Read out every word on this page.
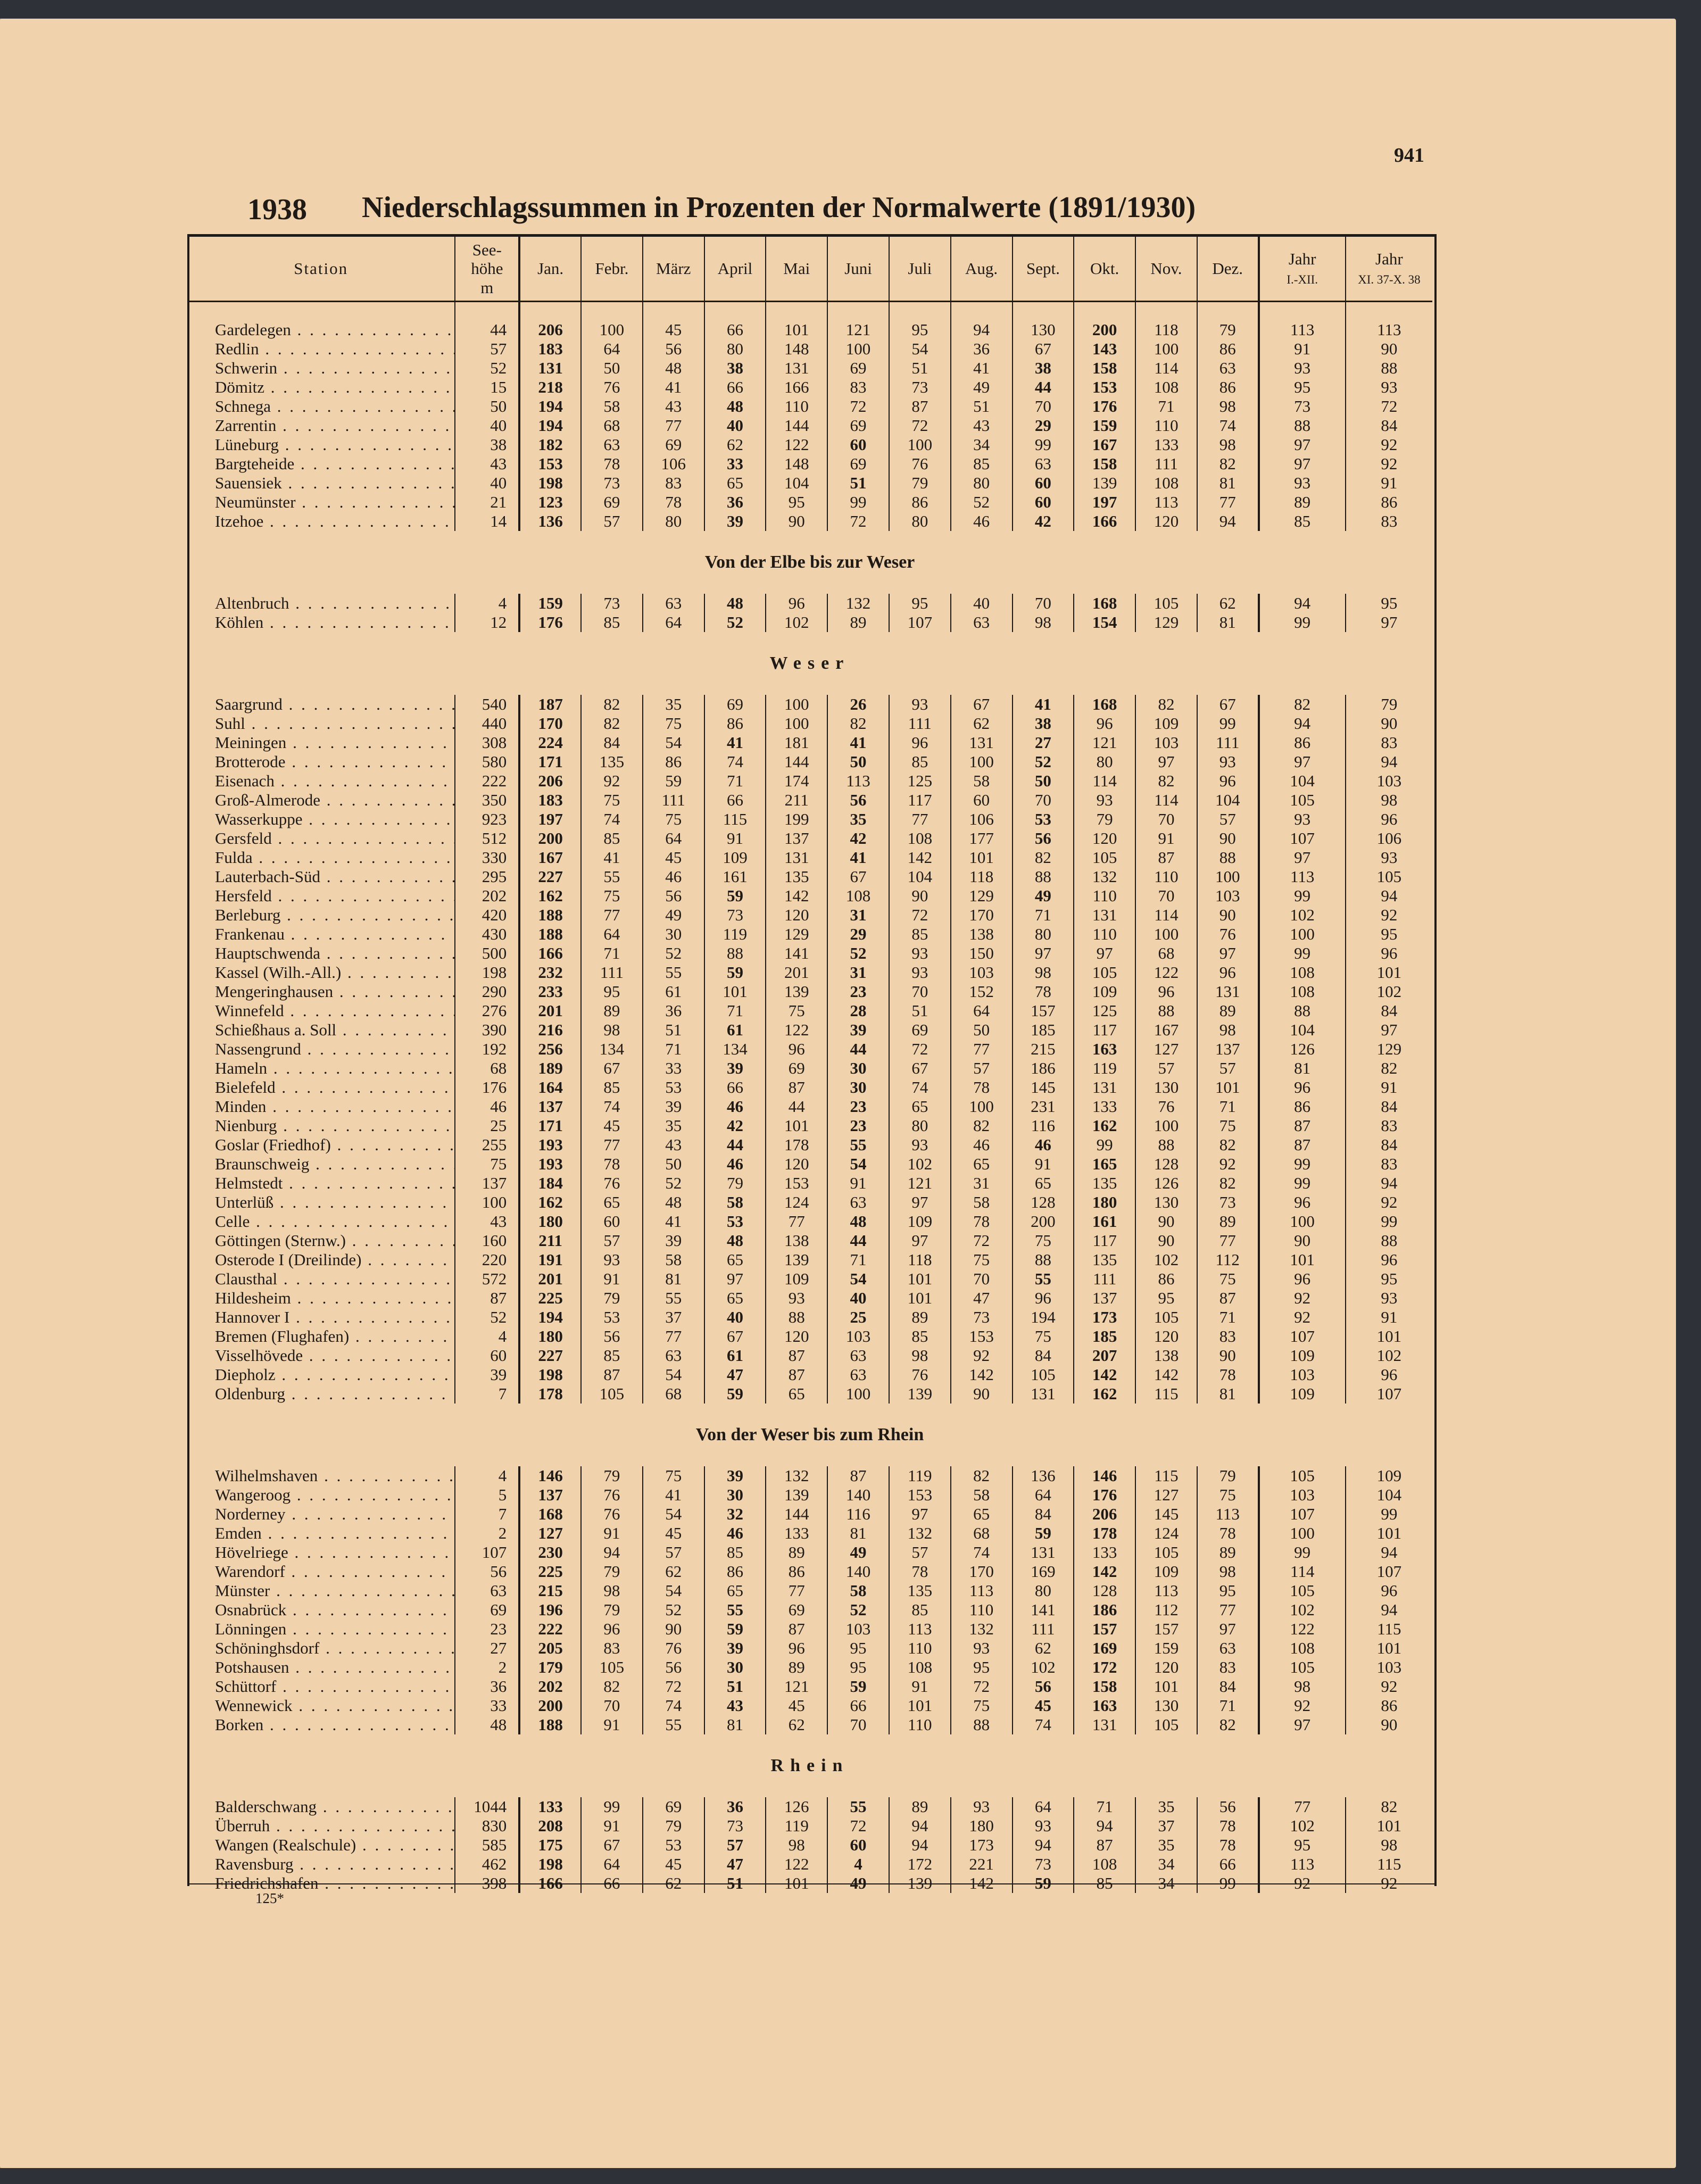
941
1938 Niederschlagssummen in Prozenten der Normalwerte (1891/1930)
Station	See-
höhe
m	Jan.	Febr.	März	April	Mai	Juni	Juli	Aug.	Sept.	Okt.	Nov.	Dez.	Jahr
I.-XII.	Jahr
XI. 37-X. 38

Gardelegen . . .	44	206	100	45	66	101	121	95	94	130	200	118	79	113	113
Redlin . . .	57	183	64	56	80	148	100	54	36	67	143	100	86	91	90
Schwerin . . .	52	131	50	48	38	131	69	51	41	38	158	114	63	93	88
Dömitz . . .	15	218	76	41	66	166	83	73	49	44	153	108	86	95	93
Schnega . . .	50	194	58	43	48	110	72	87	51	70	176	71	98	73	72
Zarrentin . . .	40	194	68	77	40	144	69	72	43	29	159	110	74	88	84
Lüneburg . . .	38	182	63	69	62	122	60	100	34	99	167	133	98	97	92
Bargteheide . . .	43	153	78	106	33	148	69	76	85	63	158	111	82	97	92
Sauensiek . . .	40	198	73	83	65	104	51	79	80	60	139	108	81	93	91
Neumünster . . .	21	123	69	78	36	95	99	86	52	60	197	113	77	89	86
Itzehoe . . .	14	136	57	80	39	90	72	80	46	42	166	120	94	85	83
Von der Elbe bis zur Weser															

Altenbruch . . .	4	159	73	63	48	96	132	95	40	70	168	105	62	94	95
Köhlen . . .	12	176	85	64	52	102	89	107	63	98	154	129	81	99	97
Weser															

Saargrund . . .	540	187	82	35	69	100	26	93	67	41	168	82	67	82	79
Suhl . . .	440	170	82	75	86	100	82	111	62	38	96	109	99	94	90
Meiningen . . .	308	224	84	54	41	181	41	96	131	27	121	103	111	86	83
Brotterode . . .	580	171	135	86	74	144	50	85	100	52	80	97	93	97	94
Eisenach . . .	222	206	92	59	71	174	113	125	58	50	114	82	96	104	103
Groß-Almerode . . .	350	183	75	111	66	211	56	117	60	70	93	114	104	105	98
Wasserkuppe . . .	923	197	74	75	115	199	35	77	106	53	79	70	57	93	96
Gersfeld . . .	512	200	85	64	91	137	42	108	177	56	120	91	90	107	106
Fulda . . .	330	167	41	45	109	131	41	142	101	82	105	87	88	97	93
Lauterbach-Süd . . .	295	227	55	46	161	135	67	104	118	88	132	110	100	113	105
Hersfeld . . .	202	162	75	56	59	142	108	90	129	49	110	70	103	99	94
Berleburg . . .	420	188	77	49	73	120	31	72	170	71	131	114	90	102	92
Frankenau . . .	430	188	64	30	119	129	29	85	138	80	110	100	76	100	95
Hauptschwenda . . .	500	166	71	52	88	141	52	93	150	97	97	68	97	99	96
Kassel (Wilh.-All.) . . .	198	232	111	55	59	201	31	93	103	98	105	122	96	108	101
Mengeringhausen . . .	290	233	95	61	101	139	23	70	152	78	109	96	131	108	102
Winnefeld . . .	276	201	89	36	71	75	28	51	64	157	125	88	89	88	84
Schießhaus a. Soll . . .	390	216	98	51	61	122	39	69	50	185	117	167	98	104	97
Nassengrund . . .	192	256	134	71	134	96	44	72	77	215	163	127	137	126	129
Hameln . . .	68	189	67	33	39	69	30	67	57	186	119	57	57	81	82
Bielefeld . . .	176	164	85	53	66	87	30	74	78	145	131	130	101	96	91
Minden . . .	46	137	74	39	46	44	23	65	100	231	133	76	71	86	84
Nienburg . . .	25	171	45	35	42	101	23	80	82	116	162	100	75	87	83
Goslar (Friedhof) . . .	255	193	77	43	44	178	55	93	46	46	99	88	82	87	84
Braunschweig . . .	75	193	78	50	46	120	54	102	65	91	165	128	92	99	83
Helmstedt . . .	137	184	76	52	79	153	91	121	31	65	135	126	82	99	94
Unterlüß . . .	100	162	65	48	58	124	63	97	58	128	180	130	73	96	92
Celle . . .	43	180	60	41	53	77	48	109	78	200	161	90	89	100	99
Göttingen (Sternw.) . . .	160	211	57	39	48	138	44	97	72	75	117	90	77	90	88
Osterode I (Dreilinde) . . .	220	191	93	58	65	139	71	118	75	88	135	102	112	101	96
Clausthal . . .	572	201	91	81	97	109	54	101	70	55	111	86	75	96	95
Hildesheim . . .	87	225	79	55	65	93	40	101	47	96	137	95	87	92	93
Hannover I . . .	52	194	53	37	40	88	25	89	73	194	173	105	71	92	91
Bremen (Flughafen) . . .	4	180	56	77	67	120	103	85	153	75	185	120	83	107	101
Visselhövede . . .	60	227	85	63	61	87	63	98	92	84	207	138	90	109	102
Diepholz . . .	39	198	87	54	47	87	63	76	142	105	142	142	78	103	96
Oldenburg . . .	7	178	105	68	59	65	100	139	90	131	162	115	81	109	107
Von der Weser bis zum Rhein															

Wilhelmshaven . . .	4	146	79	75	39	132	87	119	82	136	146	115	79	105	109
Wangeroog . . .	5	137	76	41	30	139	140	153	58	64	176	127	75	103	104
Norderney . . .	7	168	76	54	32	144	116	97	65	84	206	145	113	107	99
Emden . . .	2	127	91	45	46	133	81	132	68	59	178	124	78	100	101
Hövelriege . . .	107	230	94	57	85	89	49	57	74	131	133	105	89	99	94
Warendorf . . .	56	225	79	62	86	86	140	78	170	169	142	109	98	114	107
Münster . . .	63	215	98	54	65	77	58	135	113	80	128	113	95	105	96
Osnabrück . . .	69	196	79	52	55	69	52	85	110	141	186	112	77	102	94
Lönningen . . .	23	222	96	90	59	87	103	113	132	111	157	157	97	122	115
Schöninghsdorf . . .	27	205	83	76	39	96	95	110	93	62	169	159	63	108	101
Potshausen . . .	2	179	105	56	30	89	95	108	95	102	172	120	83	105	103
Schüttorf . . .	36	202	82	72	51	121	59	91	72	56	158	101	84	98	92
Wennewick . . .	33	200	70	74	43	45	66	101	75	45	163	130	71	92	86
Borken . . .	48	188	91	55	81	62	70	110	88	74	131	105	82	97	90
Rhein															

Balderschwang . . .	1044	133	99	69	36	126	55	89	93	64	71	35	56	77	82
Überruh . . .	830	208	91	79	73	119	72	94	180	93	94	37	78	102	101
Wangen (Realschule) . . .	585	175	67	53	57	98	60	94	173	94	87	35	78	95	98
Ravensburg . . .	462	198	64	45	47	122	4	172	221	73	108	34	66	113	115
Friedrichshafen . . .	398	166	66	62	51	101	49	139	142	59	85	34	99	92	92
125*
